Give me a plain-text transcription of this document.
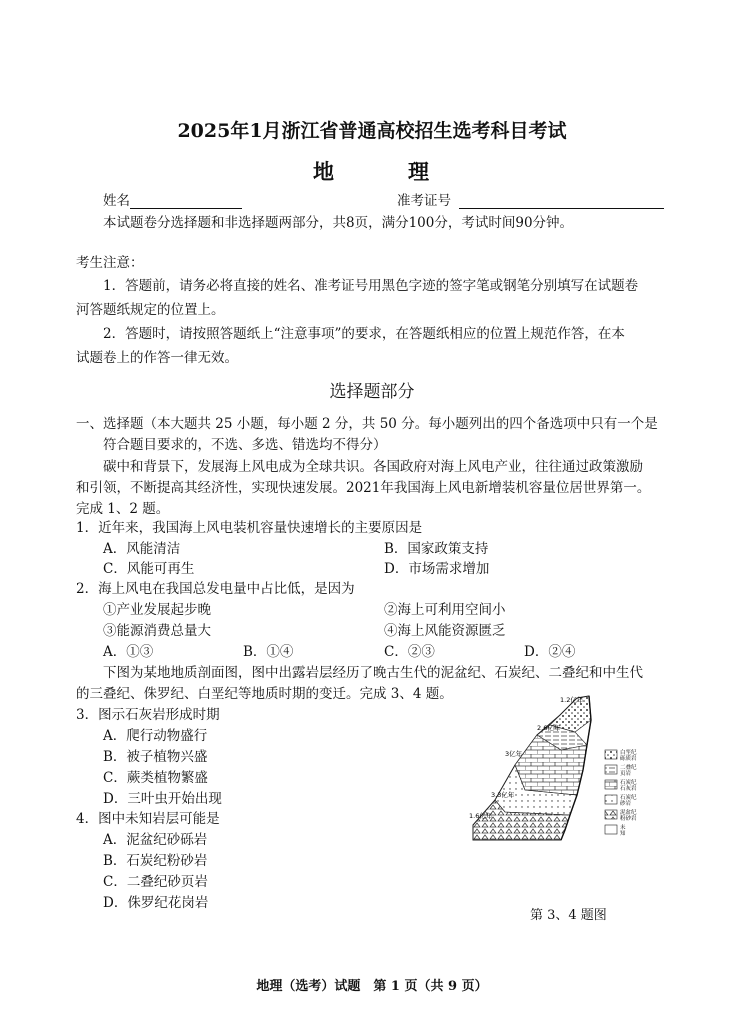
2025年1月浙江省普通高校招生选考科目考试
地	理
姓名	准考证号
本试题卷分选择题和非选择题两部分，共8页，满分100分，考试时间90分钟。
考生注意：
1．答题前，请务必将直接的姓名、准考证号用黑色字迹的签字笔或钢笔分别填写在试题卷
河答题纸规定的位置上。
2．答题时，请按照答题纸上“注意事项”的要求，在答题纸相应的位置上规范作答，在本
试题卷上的作答一律无效。
选择题部分
一、选择题（本大题共 25 小题，每小题 2 分，共 50 分。每小题列出的四个备选项中只有一个是
符合题目要求的，不选、多选、错选均不得分）
碳中和背景下，发展海上风电成为全球共识。各国政府对海上风电产业，往往通过政策激励
和引领，不断提高其经济性，实现快速发展。2021年我国海上风电新增装机容量位居世界第一。
完成 1、2 题。
1．近年来，我国海上风电装机容量快速增长的主要原因是
A．风能清洁	B．国家政策支持
C．风能可再生	D．市场需求增加
2．海上风电在我国总发电量中占比低，是因为
①产业发展起步晚	②海上可利用空间小
③能源消费总量大	④海上风能资源匮乏
A．①③	B．①④	C．②③	D．②④
下图为某地地质剖面图，图中出露岩层经历了晚古生代的泥盆纪、石炭纪、二叠纪和中生代
的三叠纪、侏罗纪、白垩纪等地质时期的变迁。完成 3、4 题。
3．图示石灰岩形成时期
A．爬行动物盛行
B．被子植物兴盛
C．蕨类植物繁盛
D．三叶虫开始出现
4．图中未知岩层可能是
A．泥盆纪砂砾岩
B．石炭纪粉砂岩
C．二叠纪砂页岩
D．侏罗纪花岗岩
1.2亿年
2.6亿年
3亿年
3.3亿年
1.6亿年
白垩纪
砾质岩
二叠纪
页岩
石炭纪
石灰岩
石炭纪
砂岩
泥盆纪
粉砂岩
未
知
第 3、4 题图
地理（选考）试题　第 1 页（共 9 页）
